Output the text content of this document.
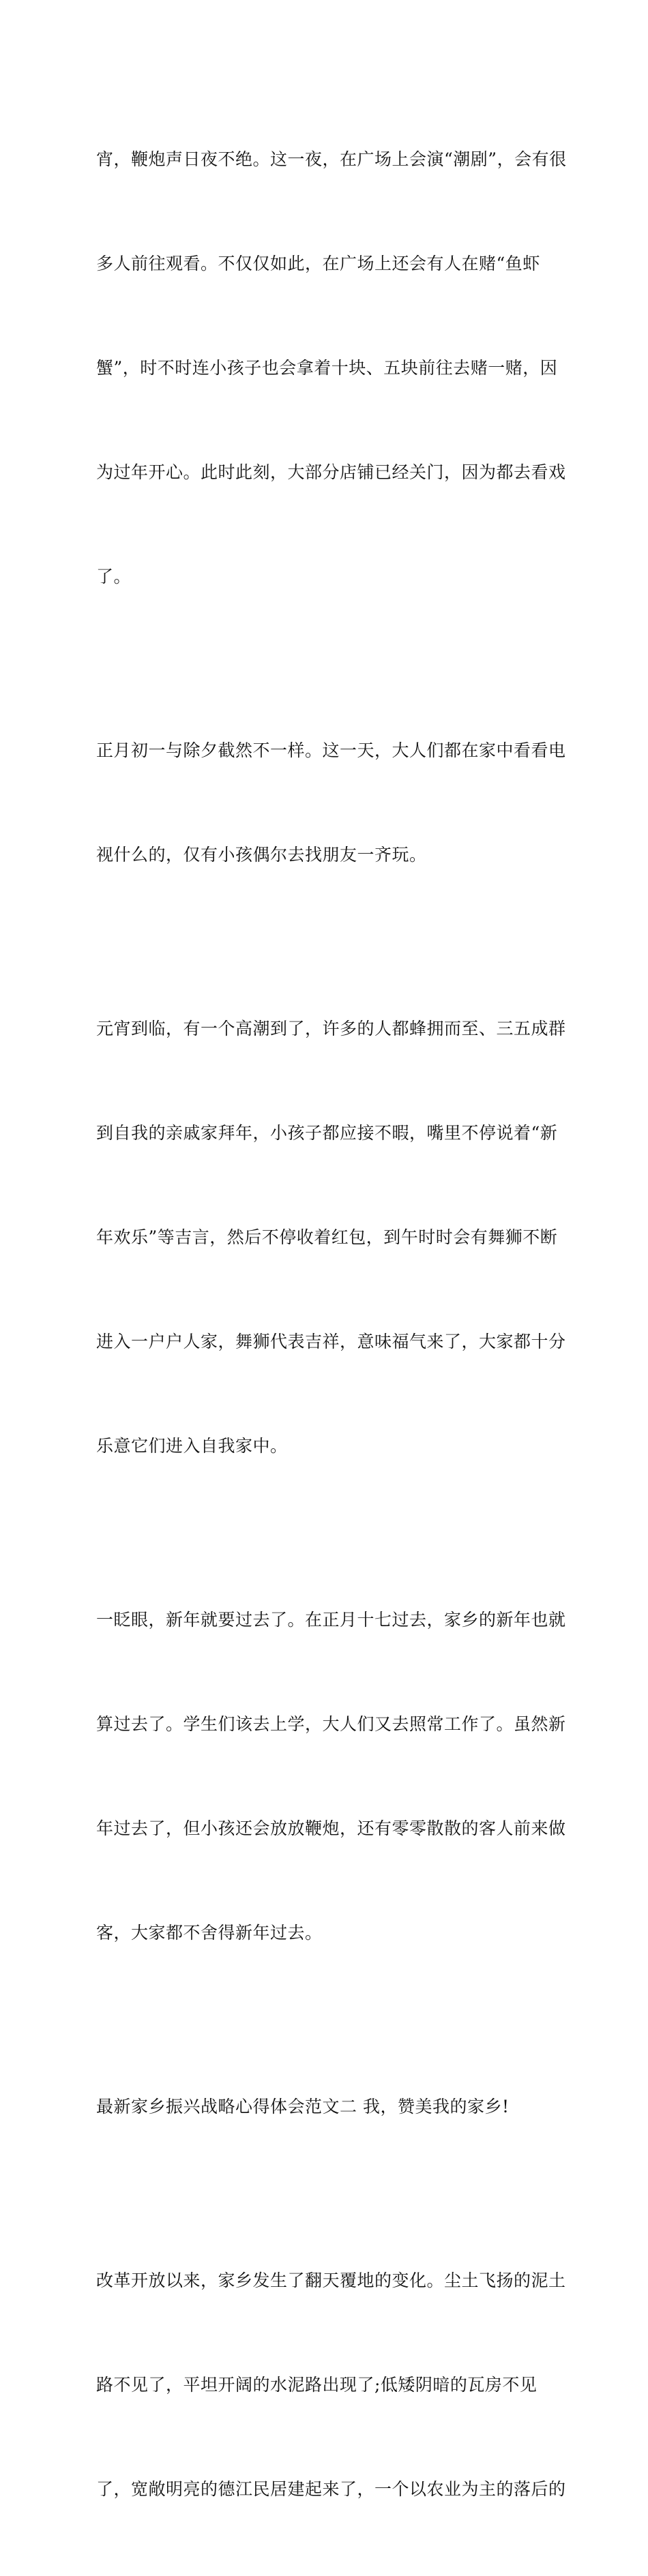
宵，鞭炮声日夜不绝。这一夜，在广场上会演“潮剧”，会有很

多人前往观看。不仅仅如此，在广场上还会有人在赌“鱼虾

蟹”，时不时连小孩子也会拿着十块、五块前往去赌一赌，因

为过年开心。此时此刻，大部分店铺已经关门，因为都去看戏

了。

正月初一与除夕截然不一样。这一天，大人们都在家中看看电

视什么的，仅有小孩偶尔去找朋友一齐玩。

元宵到临，有一个高潮到了，许多的人都蜂拥而至、三五成群

到自我的亲戚家拜年，小孩子都应接不暇，嘴里不停说着“新

年欢乐”等吉言，然后不停收着红包，到午时时会有舞狮不断

进入一户户人家，舞狮代表吉祥，意味福气来了，大家都十分

乐意它们进入自我家中。

一眨眼，新年就要过去了。在正月十七过去，家乡的新年也就

算过去了。学生们该去上学，大人们又去照常工作了。虽然新

年过去了，但小孩还会放放鞭炮，还有零零散散的客人前来做

客，大家都不舍得新年过去。

最新家乡振兴战略心得体会范文二 我，赞美我的家乡!

改革开放以来，家乡发生了翻天覆地的变化。尘土飞扬的泥土

路不见了，平坦开阔的水泥路出现了;低矮阴暗的瓦房不见

了，宽敞明亮的德江民居建起来了，一个以农业为主的落后的
